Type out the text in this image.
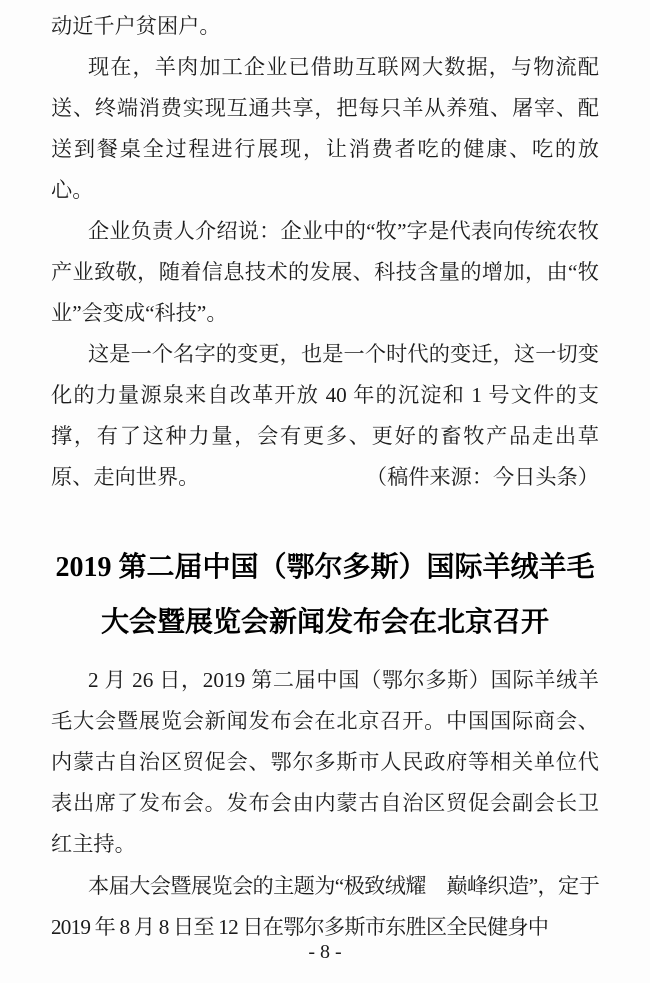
动近千户贫困户。

现在，羊肉加工企业已借助互联网大数据，与物流配送、终端消费实现互通共享，把每只羊从养殖、屠宰、配送到餐桌全过程进行展现，让消费者吃的健康、吃的放心。

企业负责人介绍说：企业中的“牧”字是代表向传统农牧产业致敬，随着信息技术的发展、科技含量的增加，由“牧业”会变成“科技”。

这是一个名字的变更，也是一个时代的变迁，这一切变化的力量源泉来自改革开放 40 年的沉淀和 1 号文件的支撑，有了这种力量，会有更多、更好的畜牧产品走出草原、走向世界。	（稿件来源：今日头条）
2019 第二届中国（鄂尔多斯）国际羊绒羊毛
大会暨展览会新闻发布会在北京召开

2 月 26 日，2019 第二届中国（鄂尔多斯）国际羊绒羊毛大会暨展览会新闻发布会在北京召开。中国国际商会、内蒙古自治区贸促会、鄂尔多斯市人民政府等相关单位代表出席了发布会。发布会由内蒙古自治区贸促会副会长卫红主持。

本届大会暨展览会的主题为“极致绒耀　巅峰织造”，定于 2019 年 8 月 8 日至 12 日在鄂尔多斯市东胜区全民健身中

- 8 -
